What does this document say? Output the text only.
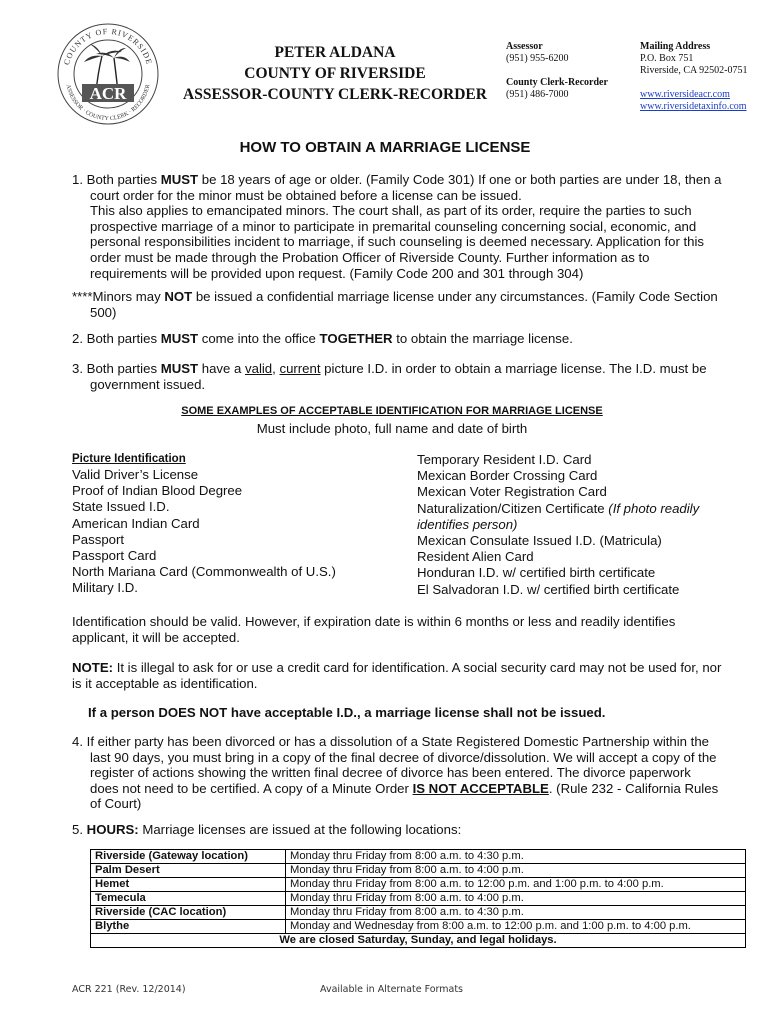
COUNTY OF RIVERSIDE
ASSESSOR · COUNTY CLERK · RECORDER
ACR
PETER ALDANA
COUNTY OF RIVERSIDE
ASSESSOR-COUNTY CLERK-RECORDER
Assessor
(951) 955-6200
County Clerk-Recorder
(951) 486-7000
Mailing Address
P.O. Box 751
Riverside, CA 92502-0751
www.riversideacr.com
www.riversidetaxinfo.com
HOW TO OBTAIN A MARRIAGE LICENSE
1. Both parties MUST be 18 years of age or older. (Family Code 301) If one or both parties are under 18, then a court order for the minor must be obtained before a license can be issued.
This also applies to emancipated minors. The court shall, as part of its order, require the parties to such prospective marriage of a minor to participate in premarital counseling concerning social, economic, and personal responsibilities incident to marriage, if such counseling is deemed necessary. Application for this order must be made through the Probation Officer of Riverside County. Further information as to requirements will be provided upon request. (Family Code 200 and 301 through 304)
****Minors may NOT be issued a confidential marriage license under any circumstances. (Family Code Section 500)
2. Both parties MUST come into the office TOGETHER to obtain the marriage license.
3. Both parties MUST have a valid, current picture I.D. in order to obtain a marriage license. The I.D. must be government issued.
SOME EXAMPLES OF ACCEPTABLE IDENTIFICATION FOR MARRIAGE LICENSE
Must include photo, full name and date of birth
Picture Identification
Valid Driver’s License
Proof of Indian Blood Degree
State Issued I.D.
American Indian Card
Passport
Passport Card
North Mariana Card (Commonwealth of U.S.)
Military I.D.
Temporary Resident I.D. Card
Mexican Border Crossing Card
Mexican Voter Registration Card
Naturalization/Citizen Certificate (If photo readily identifies person)
Mexican Consulate Issued I.D. (Matricula)
Resident Alien Card
Honduran I.D. w/ certified birth certificate
El Salvadoran I.D. w/ certified birth certificate
Identification should be valid. However, if expiration date is within 6 months or less and readily identifies applicant, it will be accepted.
NOTE: It is illegal to ask for or use a credit card for identification. A social security card may not be used for, nor is it acceptable as identification.
If a person DOES NOT have acceptable I.D., a marriage license shall not be issued.
4. If either party has been divorced or has a dissolution of a State Registered Domestic Partnership within the last 90 days, you must bring in a copy of the final decree of divorce/dissolution. We will accept a copy of the register of actions showing the written final decree of divorce has been entered. The divorce paperwork does not need to be certified. A copy of a Minute Order IS NOT ACCEPTABLE. (Rule 232 - California Rules of Court)
5. HOURS: Marriage licenses are issued at the following locations:
Riverside (Gateway location)	Monday thru Friday from 8:00 a.m. to 4:30 p.m.
Palm Desert	Monday thru Friday from 8:00 a.m. to 4:00 p.m.
Hemet	Monday thru Friday from 8:00 a.m. to 12:00 p.m. and 1:00 p.m. to 4:00 p.m.
Temecula	Monday thru Friday from 8:00 a.m. to 4:00 p.m.
Riverside (CAC location)	Monday thru Friday from 8:00 a.m. to 4:30 p.m.
Blythe	Monday and Wednesday from 8:00 a.m. to 12:00 p.m. and 1:00 p.m. to 4:00 p.m.
We are closed Saturday, Sunday, and legal holidays.	
ACR 221 (Rev. 12/2014)	Available in Alternate Formats
